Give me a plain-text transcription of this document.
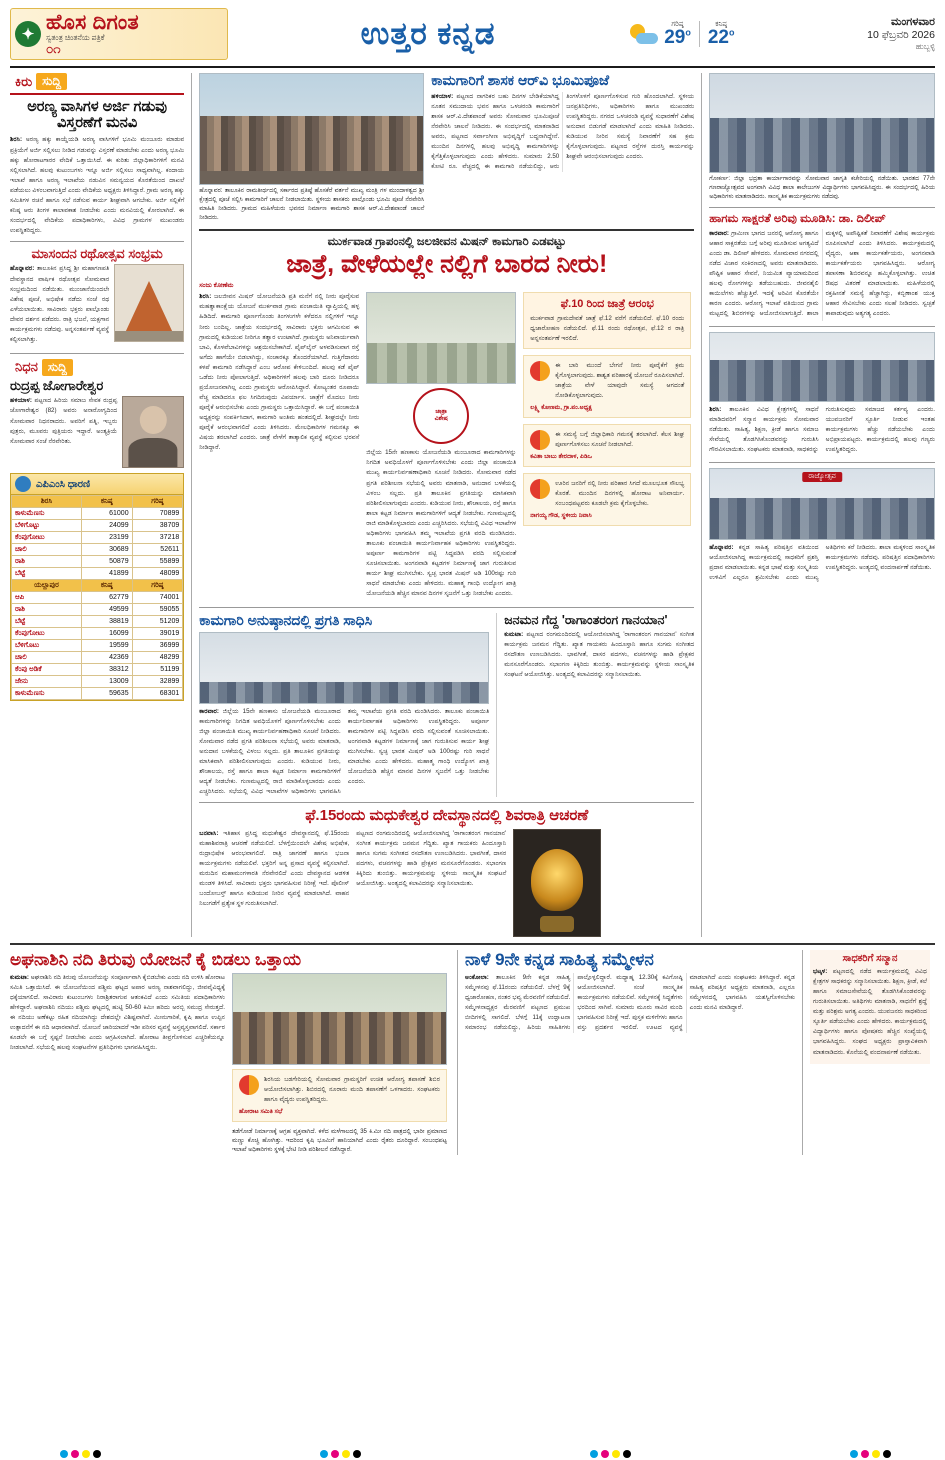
✦
ಹೊಸ ದಿಗಂತ
ಸ್ವತಂತ್ರ ಚಿಂತನೆಯ ಪತ್ರಿಕೆ
೦೧	ಉತ್ತರ ಕನ್ನಡ	ಗರಿಷ್ಠ
29$^o$
ಕನಿಷ್ಠ
22$^o$
ಮಂಗಳವಾರ
10 ಫೆಬ್ರವರಿ 2026
ಹುಬ್ಬಳ್ಳಿ
ಕಿರು ಸುದ್ದಿ
ಅರಣ್ಯ ವಾಸಿಗಳ ಅರ್ಜಿ ಗಡುವು ವಿಸ್ತರಣೆಗೆ ಮನವಿ

ಶಿರಸಿ: ಅರಣ್ಯ ಹಕ್ಕು ಕಾಯ್ದೆಯಡಿ ಅರಣ್ಯ ವಾಸಿಗಳಿಗೆ ಭೂಮಿ ಮಂಜೂರು ಮಾಡುವ ಪ್ರಕ್ರಿಯೆಗೆ ಅರ್ಜಿ ಸಲ್ಲಿಸಲು ನೀಡಿದ ಗಡುವನ್ನು ವಿಸ್ತರಣೆ ಮಾಡಬೇಕು ಎಂದು ಅರಣ್ಯ ಭೂಮಿ ಹಕ್ಕು ಹೋರಾಟಗಾರರ ವೇದಿಕೆ ಒತ್ತಾಯಿಸಿದೆ. ಈ ಕುರಿತು ಜಿಲ್ಲಾಧಿಕಾರಿಗಳಿಗೆ ಮನವಿ ಸಲ್ಲಿಸಲಾಗಿದೆ. ಹಲವು ಕುಟುಂಬಗಳು ಇನ್ನೂ ಅರ್ಜಿ ಸಲ್ಲಿಸಲು ಸಾಧ್ಯವಾಗಿಲ್ಲ. ಕಂದಾಯ ಇಲಾಖೆ ಹಾಗೂ ಅರಣ್ಯ ಇಲಾಖೆಯ ನಡುವಿನ ಸಮನ್ವಯದ ಕೊರತೆಯಿಂದ ದಾಖಲೆ ಪಡೆಯಲು ವಿಳಂಬವಾಗುತ್ತಿದೆ ಎಂದು ವೇದಿಕೆಯ ಅಧ್ಯಕ್ಷರು ತಿಳಿಸಿದ್ದಾರೆ. ಗ್ರಾಮ ಅರಣ್ಯ ಹಕ್ಕು ಸಮಿತಿಗಳ ರಚನೆ ಹಾಗೂ ಸಭೆ ನಡೆಸುವ ಕಾರ್ಯ ಶೀಘ್ರವಾಗಿ ಆಗಬೇಕು. ಅರ್ಜಿ ಸಲ್ಲಿಕೆಗೆ ಕನಿಷ್ಠ ಆರು ತಿಂಗಳ ಕಾಲಾವಕಾಶ ನೀಡಬೇಕು ಎಂದು ಮನವಿಯಲ್ಲಿ ಕೋರಲಾಗಿದೆ. ಈ ಸಂದರ್ಭದಲ್ಲಿ ವೇದಿಕೆಯ ಪದಾಧಿಕಾರಿಗಳು, ವಿವಿಧ ಗ್ರಾಮಗಳ ಮುಖಂಡರು ಉಪಸ್ಥಿತರಿದ್ದರು.

ಮಾಸಂದನ ರಥೋತ್ಸವ ಸಂಭ್ರಮ

ಹೊನ್ನಾವರ: ತಾಲೂಕಿನ ಪ್ರಸಿದ್ಧ ಶ್ರೀ ಮಹಾಗಣಪತಿ ದೇವಸ್ಥಾನದ ವಾರ್ಷಿಕ ರಥೋತ್ಸವ ಸೋಮವಾರ ಸಂಭ್ರಮದಿಂದ ನಡೆಯಿತು. ಮುಂಜಾನೆಯಿಂದಲೇ ವಿಶೇಷ ಪೂಜೆ, ಅಭಿಷೇಕ ನಡೆದು ಸಂಜೆ ರಥ ಎಳೆಯಲಾಯಿತು. ಸಾವಿರಾರು ಭಕ್ತರು ಪಾಲ್ಗೊಂಡು ದೇವರ ದರ್ಶನ ಪಡೆದರು. ರಾತ್ರಿ ಭಜನೆ, ಯಕ್ಷಗಾನ ಕಾರ್ಯಕ್ರಮಗಳು ನಡೆದವು. ಅನ್ನಸಂತರ್ಪಣೆ ವ್ಯವಸ್ಥೆ ಕಲ್ಪಿಸಲಾಗಿತ್ತು.

ನಿಧನ ಸುದ್ದಿ
ರುದ್ರಪ್ಪ ಜೋಗಾರೇಶ್ವರ

ಹಳಿಯಾಳ: ಪಟ್ಟಣದ ಹಿರಿಯ ಸಮಾಜ ಸೇವಕ ರುದ್ರಪ್ಪ ಜೋಗಾರೇಶ್ವರ (82) ಅವರು ಅನಾರೋಗ್ಯದಿಂದ ಸೋಮವಾರ ನಿಧನರಾದರು. ಅವರಿಗೆ ಪತ್ನಿ, ಇಬ್ಬರು ಪುತ್ರರು, ಮೂವರು ಪುತ್ರಿಯರು ಇದ್ದಾರೆ. ಅಂತ್ಯಕ್ರಿಯೆ ಸೋಮವಾರ ಸಂಜೆ ನೆರವೇರಿತು.

ಎಪಿಎಂಸಿ ಧಾರಣಿ
ಶಿರಸಿ	ಕನಿಷ್ಠ	ಗರಿಷ್ಠ
ಕಾಳುಮೆಣಸು	61000	70899
ಬೆಳಿಗೊಟ್ಟು	24099	38709
ಕೆಂಪುಗೋಟು	23199	37218
ಚಾಲಿ	30689	52611
ರಾಶಿ	50879	55899
ಬೆಟ್ಟೆ	41899	48099
ಯಲ್ಲಾಪುರ	ಕನಿಷ್ಠ	ಗರಿಷ್ಠ
ಆಪಿ	62779	74001
ರಾಶಿ	49599	59055
ಬೆಟ್ಟೆ	38819	51209
ಕೆಂಪುಗೋಟು	16099	39019
ಬೆಳಿಗೊಟು	19599	36999
ಚಾಲಿ	42369	48299
ಕೆಂಪು ಅಡಿಕೆ	38312	51199
ಜೇನು	13009	32899
ಕಾಳುಮೆಣಸು	59635	68301
ಹೊನ್ನಾವರ: ತಾಲೂಕಿನ ರಾಮತೀರ್ಥದಲ್ಲಿ ಸರ್ಕಾರದ ಪ್ರತಿಷ್ಠೆ ಹೊಸಕೆರೆ ವರ್ತನೆ ಮುಖ್ಯ ಮಂತ್ರಿ ಗಳ ಮುಂದಾಳತ್ವದ ಶ್ರೀ ಕ್ಷೇತ್ರದಲ್ಲಿ ಪೂಜೆ ಸಲ್ಲಿಸಿ ಕಾಮಗಾರಿಗೆ ಚಾಲನೆ ನೀಡಲಾಯಿತು. ಸ್ಥಳೀಯ ಶಾಸಕರು ಪಾಲ್ಗೊಂಡು ಭೂಮಿ ಪೂಜೆ ನೆರವೇರಿಸಿ ಮಾಹಿತಿ ನೀಡಿದರು. ಗ್ರಾಮದ ಮಹಿಳೆಯರು ಭವನದ ನಿರ್ಮಾಣ ಕಾಮಗಾರಿ ಶಾಸಕ ಆರ್.ವಿ.ದೇಶಪಾಂಡೆ ಚಾಲನೆ ನೀಡಿದರು.
ಕಾಮಗಾರಿಗೆ ಶಾಸಕ ಆರ್‌ವಿ ಭೂಮಿಪೂಜೆ

ಹಳಿಯಾಳ: ಪಟ್ಟಣದ ನಾಗರಿಕರ ಬಹು ದಿನಗಳ ಬೇಡಿಕೆಯಾಗಿದ್ದ ನೂತನ ಸಮುದಾಯ ಭವನ ಹಾಗೂ ಒಳಚರಂಡಿ ಕಾಮಗಾರಿಗೆ ಶಾಸಕ ಆರ್.ವಿ.ದೇಶಪಾಂಡೆ ಅವರು ಸೋಮವಾರ ಭೂಮಿಪೂಜೆ ನೆರವೇರಿಸಿ ಚಾಲನೆ ನೀಡಿದರು. ಈ ಸಂದರ್ಭದಲ್ಲಿ ಮಾತನಾಡಿದ ಅವರು, ಪಟ್ಟಣದ ಸರ್ವಾಂಗೀಣ ಅಭಿವೃದ್ಧಿಗೆ ಬದ್ಧನಾಗಿದ್ದೇನೆ. ಮುಂದಿನ ದಿನಗಳಲ್ಲಿ ಹಲವು ಅಭಿವೃದ್ಧಿ ಕಾಮಗಾರಿಗಳನ್ನು ಕೈಗೆತ್ತಿಕೊಳ್ಳಲಾಗುವುದು ಎಂದು ಹೇಳಿದರು. ಸುಮಾರು 2.50 ಕೋಟಿ ರೂ. ವೆಚ್ಚದಲ್ಲಿ ಈ ಕಾಮಗಾರಿ ನಡೆಯಲಿದ್ದು, ಆರು ತಿಂಗಳೊಳಗೆ ಪೂರ್ಣಗೊಳಿಸುವ ಗುರಿ ಹೊಂದಲಾಗಿದೆ. ಸ್ಥಳೀಯ ಜನಪ್ರತಿನಿಧಿಗಳು, ಅಧಿಕಾರಿಗಳು ಹಾಗೂ ಮುಖಂಡರು ಉಪಸ್ಥಿತರಿದ್ದರು. ನಗರದ ಒಳಚರಂಡಿ ವ್ಯವಸ್ಥೆ ಸುಧಾರಣೆಗೆ ವಿಶೇಷ ಅನುದಾನ ಬಿಡುಗಡೆ ಮಾಡಲಾಗಿದೆ ಎಂದು ಮಾಹಿತಿ ನೀಡಿದರು. ಕುಡಿಯುವ ನೀರಿನ ಸಮಸ್ಯೆ ನಿವಾರಣೆಗೆ ಸಹ ಕ್ರಮ ಕೈಗೊಳ್ಳಲಾಗುವುದು. ಪಟ್ಟಣದ ರಸ್ತೆಗಳ ದುರಸ್ತಿ ಕಾರ್ಯವನ್ನು ಶೀಘ್ರವೇ ಆರಂಭಿಸಲಾಗುವುದು ಎಂದರು.

ಮುರ್ಕವಾಡ ಗ್ರಾಪಂನಲ್ಲಿ ಜಲಜೀವನ ಮಿಷನ್ ಕಾಮಗಾರಿ ಎಡವಟ್ಟು
ಜಾತ್ರೆ, ವೇಳೆಯಲ್ಲೇ ನಲ್ಲಿಗೆ ಬಾರದ ನೀರು!
ಸಂಜು ಕೋಣೆಮ

ಶಿರಸಿ: ಜಲಜೀವನ ಮಿಷನ್ ಯೋಜನೆಯಡಿ ಪ್ರತಿ ಮನೆಗೆ ನಲ್ಲಿ ನೀರು ಪೂರೈಸುವ ಮಹತ್ವಾಕಾಂಕ್ಷೆಯ ಯೋಜನೆ ಮುರ್ಕವಾಡ ಗ್ರಾಮ ಪಂಚಾಯಿತಿ ವ್ಯಾಪ್ತಿಯಲ್ಲಿ ಹಳ್ಳ ಹಿಡಿದಿದೆ. ಕಾಮಗಾರಿ ಪೂರ್ಣಗೊಂಡು ತಿಂಗಳುಗಳೇ ಕಳೆದರೂ ನಲ್ಲಿಗಳಿಗೆ ಇನ್ನೂ ನೀರು ಬಂದಿಲ್ಲ. ಜಾತ್ರೆಯ ಸಂದರ್ಭದಲ್ಲಿ ಸಾವಿರಾರು ಭಕ್ತರು ಆಗಮಿಸುವ ಈ ಗ್ರಾಮದಲ್ಲಿ ಕುಡಿಯುವ ನೀರಿಗೂ ತತ್ವಾರ ಉಂಟಾಗಿದೆ. ಗ್ರಾಮಸ್ಥರು ಅನಿವಾರ್ಯವಾಗಿ ಬಾವಿ, ಕೊಳವೆಬಾವಿಗಳನ್ನು ಆಶ್ರಯಿಸಬೇಕಾಗಿದೆ. ಪೈಪ್‌ಲೈನ್ ಅಳವಡಿಸುವಾಗ ರಸ್ತೆ ಅಗೆದು ಹಾಗೆಯೇ ಬಿಡಲಾಗಿದ್ದು, ಸಂಚಾರಕ್ಕೂ ತೊಂದರೆಯಾಗಿದೆ. ಗುತ್ತಿಗೆದಾರರು ಕಳಪೆ ಕಾಮಗಾರಿ ನಡೆಸಿದ್ದಾರೆ ಎಂಬ ಆರೋಪ ಕೇಳಿಬಂದಿದೆ. ಹಲವು ಕಡೆ ಪೈಪ್ ಒಡೆದು ನೀರು ಪೋಲಾಗುತ್ತಿದೆ. ಅಧಿಕಾರಿಗಳಿಗೆ ಹಲವು ಬಾರಿ ದೂರು ನೀಡಿದರೂ ಪ್ರಯೋಜನವಾಗಿಲ್ಲ ಎಂದು ಗ್ರಾಮಸ್ಥರು ಆರೋಪಿಸಿದ್ದಾರೆ. ಕೋಟ್ಯಂತರ ರೂಪಾಯಿ ವೆಚ್ಚ ಮಾಡಿದರೂ ಫಲ ಸಿಗದಿರುವುದು ವಿಪರ್ಯಾಸ. ಜಾತ್ರೆಗೆ ಮೊದಲು ನೀರು ಪೂರೈಕೆ ಆರಂಭಿಸಬೇಕು ಎಂದು ಗ್ರಾಮಸ್ಥರು ಒತ್ತಾಯಿಸಿದ್ದಾರೆ. ಈ ಬಗ್ಗೆ ಪಂಚಾಯಿತಿ ಅಧ್ಯಕ್ಷರನ್ನು ಸಂಪರ್ಕಿಸಿದಾಗ, ಕಾಮಗಾರಿ ಅಂತಿಮ ಹಂತದಲ್ಲಿದೆ. ಶೀಘ್ರದಲ್ಲೇ ನೀರು ಪೂರೈಕೆ ಆರಂಭವಾಗಲಿದೆ ಎಂದು ತಿಳಿಸಿದರು. ಮೇಲಧಿಕಾರಿಗಳ ಗಮನಕ್ಕೂ ಈ ವಿಷಯ ತರಲಾಗಿದೆ ಎಂದರು. ಜಾತ್ರೆ ವೇಳೆಗೆ ತಾತ್ಕಾಲಿಕ ವ್ಯವಸ್ಥೆ ಕಲ್ಪಿಸುವ ಭರವಸೆ ನೀಡಿದ್ದಾರೆ.

ಜಾತ್ರಾ
ವಿಶೇಷ

ಜಿಲ್ಲೆಯ 15ನೇ ಹಣಕಾಸು ಯೋಜನೆಯಡಿ ಮಂಜೂರಾದ ಕಾಮಗಾರಿಗಳನ್ನು ನಿಗದಿತ ಅವಧಿಯೊಳಗೆ ಪೂರ್ಣಗೊಳಿಸಬೇಕು ಎಂದು ಜಿಲ್ಲಾ ಪಂಚಾಯಿತಿ ಮುಖ್ಯ ಕಾರ್ಯನಿರ್ವಹಣಾಧಿಕಾರಿ ಸೂಚನೆ ನೀಡಿದರು. ಸೋಮವಾರ ನಡೆದ ಪ್ರಗತಿ ಪರಿಶೀಲನಾ ಸಭೆಯಲ್ಲಿ ಅವರು ಮಾತನಾಡಿ, ಅನುದಾನ ಬಳಕೆಯಲ್ಲಿ ವಿಳಂಬ ಸಲ್ಲದು. ಪ್ರತಿ ತಾಲೂಕಿನ ಪ್ರಗತಿಯನ್ನು ಮಾಸಿಕವಾಗಿ ಪರಿಶೀಲಿಸಲಾಗುವುದು ಎಂದರು. ಕುಡಿಯುವ ನೀರು, ಶೌಚಾಲಯ, ರಸ್ತೆ ಹಾಗೂ ಶಾಲಾ ಕಟ್ಟಡ ನಿರ್ಮಾಣ ಕಾಮಗಾರಿಗಳಿಗೆ ಆದ್ಯತೆ ನೀಡಬೇಕು. ಗುಣಮಟ್ಟದಲ್ಲಿ ರಾಜಿ ಮಾಡಿಕೊಳ್ಳಬಾರದು ಎಂದು ಎಚ್ಚರಿಸಿದರು. ಸಭೆಯಲ್ಲಿ ವಿವಿಧ ಇಲಾಖೆಗಳ ಅಧಿಕಾರಿಗಳು ಭಾಗವಹಿಸಿ ತಮ್ಮ ಇಲಾಖೆಯ ಪ್ರಗತಿ ವರದಿ ಮಂಡಿಸಿದರು. ತಾಲೂಕು ಪಂಚಾಯಿತಿ ಕಾರ್ಯನಿರ್ವಾಹಕ ಅಧಿಕಾರಿಗಳು ಉಪಸ್ಥಿತರಿದ್ದರು. ಅಪೂರ್ಣ ಕಾಮಗಾರಿಗಳ ಪಟ್ಟಿ ಸಿದ್ಧಪಡಿಸಿ ವರದಿ ಸಲ್ಲಿಸುವಂತೆ ಸೂಚಿಸಲಾಯಿತು. ಅಂಗನವಾಡಿ ಕಟ್ಟಡಗಳ ನಿರ್ಮಾಣಕ್ಕೆ ಜಾಗ ಗುರುತಿಸುವ ಕಾರ್ಯ ಶೀಘ್ರ ಮುಗಿಸಬೇಕು. ಸ್ವಚ್ಛ ಭಾರತ ಮಿಷನ್ ಅಡಿ 100ರಷ್ಟು ಗುರಿ ಸಾಧನೆ ಮಾಡಬೇಕು ಎಂದು ಹೇಳಿದರು. ಮಹಾತ್ಮ ಗಾಂಧಿ ಉದ್ಯೋಗ ಖಾತ್ರಿ ಯೋಜನೆಯಡಿ ಹೆಚ್ಚಿನ ಮಾನವ ದಿನಗಳ ಸೃಜನೆಗೆ ಒತ್ತು ನೀಡಬೇಕು ಎಂದರು.

ಫೆ.10 ರಿಂದ ಜಾತ್ರೆ ಆರಂಭ
ಮುರ್ಕವಾಡ ಗ್ರಾಮದೇವತೆ ಜಾತ್ರೆ ಫೆ.12 ವರೆಗೆ ನಡೆಯಲಿದೆ. ಫೆ.10 ರಂದು ಧ್ವಜಾರೋಹಣ ನಡೆಯಲಿದೆ. ಫೆ.11 ರಂದು ರಥೋತ್ಸವ, ಫೆ.12 ರ ರಾತ್ರಿ ಅನ್ನಸಂತರ್ಪಣೆ ಇರಲಿದೆ.
ಈ ಬಾರಿ ಮುಂದೆ ಬೇಗನೆ ನೀರು ಪೂರೈಕೆಗೆ ಕ್ರಮ ಕೈಗೊಳ್ಳಲಾಗುವುದು. ಶಾಶ್ವತ ಪರಿಹಾರಕ್ಕೆ ಯೋಜನೆ ರೂಪಿಸಲಾಗಿದೆ. ಜಾತ್ರೆಯ ವೇಳೆ ಯಾವುದೇ ಸಮಸ್ಯೆ ಆಗದಂತೆ ನೋಡಿಕೊಳ್ಳಲಾಗುವುದು.
ಲಕ್ಷ್ಮಿ ಕೋಣಮ, ಗ್ರಾ.ಪಂ.ಅಧ್ಯಕ್ಷ
ಈ ಸಮಸ್ಯೆ ಬಗ್ಗೆ ಜಿಲ್ಲಾಧಿಕಾರಿ ಗಮನಕ್ಕೆ ತರಲಾಗಿದೆ. ಕೆಲಸ ಶೀಘ್ರ ಪೂರ್ಣಗೊಳಿಸಲು ಸೂಚನೆ ನೀಡಲಾಗಿದೆ.
ಕವಿತಾ ಬಾಬು ತೇರದಾಳ, ಪಿಡಿಒ
ಊರಿನ ಜನರಿಗೆ ನಲ್ಲಿ ನೀರು ಪರಿಹಾರ ಸಿಗದೆ ಮೂಲಭೂತ ಸೌಲಭ್ಯ ಕೊರತೆ. ಮುಂದಿನ ದಿನಗಳಲ್ಲಿ ಹೋರಾಟ ಅನಿವಾರ್ಯ. ಸಂಬಂಧಪಟ್ಟವರು ಕೂಡಲೇ ಕ್ರಮ ಕೈಗೊಳ್ಳಬೇಕು.
ನಾಗಯ್ಯ ಗೌಡ, ಸ್ಥಳೀಯ ನಿವಾಸಿ
ಕಾಮಗಾರಿ ಅನುಷ್ಠಾನದಲ್ಲಿ ಪ್ರಗತಿ ಸಾಧಿಸಿ

ಕಾರವಾರ: ಜಿಲ್ಲೆಯ 15ನೇ ಹಣಕಾಸು ಯೋಜನೆಯಡಿ ಮಂಜೂರಾದ ಕಾಮಗಾರಿಗಳನ್ನು ನಿಗದಿತ ಅವಧಿಯೊಳಗೆ ಪೂರ್ಣಗೊಳಿಸಬೇಕು ಎಂದು ಜಿಲ್ಲಾ ಪಂಚಾಯಿತಿ ಮುಖ್ಯ ಕಾರ್ಯನಿರ್ವಹಣಾಧಿಕಾರಿ ಸೂಚನೆ ನೀಡಿದರು. ಸೋಮವಾರ ನಡೆದ ಪ್ರಗತಿ ಪರಿಶೀಲನಾ ಸಭೆಯಲ್ಲಿ ಅವರು ಮಾತನಾಡಿ, ಅನುದಾನ ಬಳಕೆಯಲ್ಲಿ ವಿಳಂಬ ಸಲ್ಲದು. ಪ್ರತಿ ತಾಲೂಕಿನ ಪ್ರಗತಿಯನ್ನು ಮಾಸಿಕವಾಗಿ ಪರಿಶೀಲಿಸಲಾಗುವುದು ಎಂದರು. ಕುಡಿಯುವ ನೀರು, ಶೌಚಾಲಯ, ರಸ್ತೆ ಹಾಗೂ ಶಾಲಾ ಕಟ್ಟಡ ನಿರ್ಮಾಣ ಕಾಮಗಾರಿಗಳಿಗೆ ಆದ್ಯತೆ ನೀಡಬೇಕು. ಗುಣಮಟ್ಟದಲ್ಲಿ ರಾಜಿ ಮಾಡಿಕೊಳ್ಳಬಾರದು ಎಂದು ಎಚ್ಚರಿಸಿದರು. ಸಭೆಯಲ್ಲಿ ವಿವಿಧ ಇಲಾಖೆಗಳ ಅಧಿಕಾರಿಗಳು ಭಾಗವಹಿಸಿ ತಮ್ಮ ಇಲಾಖೆಯ ಪ್ರಗತಿ ವರದಿ ಮಂಡಿಸಿದರು. ತಾಲೂಕು ಪಂಚಾಯಿತಿ ಕಾರ್ಯನಿರ್ವಾಹಕ ಅಧಿಕಾರಿಗಳು ಉಪಸ್ಥಿತರಿದ್ದರು. ಅಪೂರ್ಣ ಕಾಮಗಾರಿಗಳ ಪಟ್ಟಿ ಸಿದ್ಧಪಡಿಸಿ ವರದಿ ಸಲ್ಲಿಸುವಂತೆ ಸೂಚಿಸಲಾಯಿತು. ಅಂಗನವಾಡಿ ಕಟ್ಟಡಗಳ ನಿರ್ಮಾಣಕ್ಕೆ ಜಾಗ ಗುರುತಿಸುವ ಕಾರ್ಯ ಶೀಘ್ರ ಮುಗಿಸಬೇಕು. ಸ್ವಚ್ಛ ಭಾರತ ಮಿಷನ್ ಅಡಿ 100ರಷ್ಟು ಗುರಿ ಸಾಧನೆ ಮಾಡಬೇಕು ಎಂದು ಹೇಳಿದರು. ಮಹಾತ್ಮ ಗಾಂಧಿ ಉದ್ಯೋಗ ಖಾತ್ರಿ ಯೋಜನೆಯಡಿ ಹೆಚ್ಚಿನ ಮಾನವ ದಿನಗಳ ಸೃಜನೆಗೆ ಒತ್ತು ನೀಡಬೇಕು ಎಂದರು.

ಜನಮನ ಗೆದ್ದ 'ರಾಗಾಂತರಂಗ ಗಾನಯಾನ'

ಕುಮಟಾ: ಪಟ್ಟಣದ ರಂಗಮಂದಿರದಲ್ಲಿ ಆಯೋಜಿಸಲಾಗಿದ್ದ 'ರಾಗಾಂತರಂಗ ಗಾನಯಾನ' ಸಂಗೀತ ಕಾರ್ಯಕ್ರಮ ಜನಮನ ಗೆದ್ದಿತು. ಖ್ಯಾತ ಗಾಯಕರು ಹಿಂದೂಸ್ತಾನಿ ಹಾಗೂ ಸುಗಮ ಸಂಗೀತದ ರಸದೌತಣ ಉಣಬಡಿಸಿದರು. ಭಾವಗೀತೆ, ದಾಸರ ಪದಗಳು, ವಚನಗಳನ್ನು ಹಾಡಿ ಪ್ರೇಕ್ಷಕರ ಮನಸೂರೆಗೊಂಡರು. ಸಭಾಂಗಣ ಕಿಕ್ಕಿರಿದು ತುಂಬಿತ್ತು. ಕಾರ್ಯಕ್ರಮವನ್ನು ಸ್ಥಳೀಯ ಸಾಂಸ್ಕೃತಿಕ ಸಂಘಟನೆ ಆಯೋಜಿಸಿತ್ತು. ಅಂತ್ಯದಲ್ಲಿ ಕಲಾವಿದರನ್ನು ಸನ್ಮಾನಿಸಲಾಯಿತು.

ಫೆ.15ರಂದು ಮಧುಕೇಶ್ವರ ದೇವಸ್ಥಾನದಲ್ಲಿ ಶಿವರಾತ್ರಿ ಆಚರಣೆ

ಬನವಾಸಿ: ಇತಿಹಾಸ ಪ್ರಸಿದ್ಧ ಮಧುಕೇಶ್ವರ ದೇವಸ್ಥಾನದಲ್ಲಿ ಫೆ.15ರಂದು ಮಹಾಶಿವರಾತ್ರಿ ಆಚರಣೆ ನಡೆಯಲಿದೆ. ಬೆಳಗ್ಗೆಯಿಂದಲೇ ವಿಶೇಷ ಅಭಿಷೇಕ, ರುದ್ರಾಭಿಷೇಕ ಆರಂಭವಾಗಲಿದೆ. ರಾತ್ರಿ ಜಾಗರಣೆ ಹಾಗೂ ಭಜನಾ ಕಾರ್ಯಕ್ರಮಗಳು ನಡೆಯಲಿವೆ. ಭಕ್ತರಿಗೆ ಅನ್ನ ಪ್ರಸಾದ ವ್ಯವಸ್ಥೆ ಕಲ್ಪಿಸಲಾಗಿದೆ. ಮರುದಿನ ಮಹಾಮಂಗಳಾರತಿ ನೆರವೇರಲಿದೆ ಎಂದು ದೇವಸ್ಥಾನದ ಆಡಳಿತ ಮಂಡಳಿ ತಿಳಿಸಿದೆ. ಸಾವಿರಾರು ಭಕ್ತರು ಭಾಗವಹಿಸುವ ನಿರೀಕ್ಷೆ ಇದೆ. ಪೊಲೀಸ್ ಬಂದೋಬಸ್ತ್ ಹಾಗೂ ಕುಡಿಯುವ ನೀರಿನ ವ್ಯವಸ್ಥೆ ಮಾಡಲಾಗಿದೆ. ವಾಹನ ನಿಲುಗಡೆಗೆ ಪ್ರತ್ಯೇಕ ಸ್ಥಳ ಗುರುತಿಸಲಾಗಿದೆ.

ಪಟ್ಟಣದ ರಂಗಮಂದಿರದಲ್ಲಿ ಆಯೋಜಿಸಲಾಗಿದ್ದ 'ರಾಗಾಂತರಂಗ ಗಾನಯಾನ' ಸಂಗೀತ ಕಾರ್ಯಕ್ರಮ ಜನಮನ ಗೆದ್ದಿತು. ಖ್ಯಾತ ಗಾಯಕರು ಹಿಂದೂಸ್ತಾನಿ ಹಾಗೂ ಸುಗಮ ಸಂಗೀತದ ರಸದೌತಣ ಉಣಬಡಿಸಿದರು. ಭಾವಗೀತೆ, ದಾಸರ ಪದಗಳು, ವಚನಗಳನ್ನು ಹಾಡಿ ಪ್ರೇಕ್ಷಕರ ಮನಸೂರೆಗೊಂಡರು. ಸಭಾಂಗಣ ಕಿಕ್ಕಿರಿದು ತುಂಬಿತ್ತು. ಕಾರ್ಯಕ್ರಮವನ್ನು ಸ್ಥಳೀಯ ಸಾಂಸ್ಕೃತಿಕ ಸಂಘಟನೆ ಆಯೋಜಿಸಿತ್ತು. ಅಂತ್ಯದಲ್ಲಿ ಕಲಾವಿದರನ್ನು ಸನ್ಮಾನಿಸಲಾಯಿತು.

ಗೋಕರ್ಣ: ಜಿಲ್ಲಾ ಭದ್ರತಾ ಕಾರ್ಯಾಗಾರವನ್ನು ಸೋಮವಾರ ಜಾಗೃತಿ ಕಚೇರಿಯಲ್ಲಿ ನಡೆಯಿತು. ಭಾರತದ 77ನೇ ಗಣರಾಜ್ಯೋತ್ಸವದ ಅಂಗವಾಗಿ ವಿವಿಧ ಶಾಲಾ ಕಾಲೇಜುಗಳ ವಿದ್ಯಾರ್ಥಿಗಳು ಭಾಗವಹಿಸಿದ್ದರು. ಈ ಸಂದರ್ಭದಲ್ಲಿ ಹಿರಿಯ ಅಧಿಕಾರಿಗಳು ಮಾತನಾಡಿದರು. ಸಾಂಸ್ಕೃತಿಕ ಕಾರ್ಯಕ್ರಮಗಳು ನಡೆದವು.
ಹಾಗಮ ಸಾಕ್ಷರತೆ ಅರಿವು ಮೂಡಿಸಿ: ಡಾ. ದಿಲೀಪ್

ಕಾರವಾರ: ಗ್ರಾಮೀಣ ಭಾಗದ ಜನರಲ್ಲಿ ಆರೋಗ್ಯ ಹಾಗೂ ಆಹಾರ ಸಾಕ್ಷರತೆಯ ಬಗ್ಗೆ ಅರಿವು ಮೂಡಿಸುವ ಅಗತ್ಯವಿದೆ ಎಂದು ಡಾ. ದಿಲೀಪ್ ಹೇಳಿದರು. ಸೋಮವಾರ ನಗರದಲ್ಲಿ ನಡೆದ ವಿಚಾರ ಸಂಕಿರಣದಲ್ಲಿ ಅವರು ಮಾತನಾಡಿದರು. ಪೌಷ್ಟಿಕ ಆಹಾರ ಸೇವನೆ, ನಿಯಮಿತ ವ್ಯಾಯಾಮದಿಂದ ಹಲವು ರೋಗಗಳನ್ನು ತಡೆಯಬಹುದು. ಜೀವನಶೈಲಿ ಕಾಯಿಲೆಗಳು ಹೆಚ್ಚುತ್ತಿವೆ. ಇದಕ್ಕೆ ಅರಿವಿನ ಕೊರತೆಯೇ ಕಾರಣ ಎಂದರು. ಆರೋಗ್ಯ ಇಲಾಖೆ ವತಿಯಿಂದ ಗ್ರಾಮ ಮಟ್ಟದಲ್ಲಿ ಶಿಬಿರಗಳನ್ನು ಆಯೋಜಿಸಲಾಗುತ್ತಿದೆ. ಶಾಲಾ ಮಕ್ಕಳಲ್ಲಿ ಅಪೌಷ್ಟಿಕತೆ ನಿವಾರಣೆಗೆ ವಿಶೇಷ ಕಾರ್ಯಕ್ರಮ ರೂಪಿಸಲಾಗಿದೆ ಎಂದು ತಿಳಿಸಿದರು. ಕಾರ್ಯಕ್ರಮದಲ್ಲಿ ವೈದ್ಯರು, ಆಶಾ ಕಾರ್ಯಕರ್ತೆಯರು, ಅಂಗನವಾಡಿ ಕಾರ್ಯಕರ್ತೆಯರು ಭಾಗವಹಿಸಿದ್ದರು. ಆರೋಗ್ಯ ತಪಾಸಣಾ ಶಿಬಿರವನ್ನೂ ಹಮ್ಮಿಕೊಳ್ಳಲಾಗಿತ್ತು. ಉಚಿತ ಔಷಧ ವಿತರಣೆ ಮಾಡಲಾಯಿತು. ಮಹಿಳೆಯರಲ್ಲಿ ರಕ್ತಹೀನತೆ ಸಮಸ್ಯೆ ಹೆಚ್ಚಾಗಿದ್ದು, ಕಬ್ಬಿಣಾಂಶ ಯುಕ್ತ ಆಹಾರ ಸೇವಿಸಬೇಕು ಎಂದು ಸಲಹೆ ನೀಡಿದರು. ಸ್ವಚ್ಛತೆ ಕಾಪಾಡುವುದು ಅತ್ಯಗತ್ಯ ಎಂದರು.

ಶಿರಸಿ: ತಾಲೂಕಿನ ವಿವಿಧ ಕ್ಷೇತ್ರಗಳಲ್ಲಿ ಸಾಧನೆ ಮಾಡಿದವರಿಗೆ ಸನ್ಮಾನ ಕಾರ್ಯಕ್ರಮ ಸೋಮವಾರ ನಡೆಯಿತು. ಸಾಹಿತ್ಯ, ಶಿಕ್ಷಣ, ಕ್ರೀಡೆ ಹಾಗೂ ಸಮಾಜ ಸೇವೆಯಲ್ಲಿ ತೊಡಗಿಸಿಕೊಂಡವರನ್ನು ಗುರುತಿಸಿ ಗೌರವಿಸಲಾಯಿತು. ಸಂಘಟಕರು ಮಾತನಾಡಿ, ಸಾಧಕರನ್ನು ಗುರುತಿಸುವುದು ಸಮಾಜದ ಕರ್ತವ್ಯ ಎಂದರು. ಯುವಜನರಿಗೆ ಸ್ಫೂರ್ತಿ ನೀಡುವ ಇಂತಹ ಕಾರ್ಯಕ್ರಮಗಳು ಹೆಚ್ಚು ನಡೆಯಬೇಕು ಎಂದು ಅಭಿಪ್ರಾಯಪಟ್ಟರು. ಕಾರ್ಯಕ್ರಮದಲ್ಲಿ ಹಲವು ಗಣ್ಯರು ಉಪಸ್ಥಿತರಿದ್ದರು.

ರಾಜ್ಯೋತ್ಸವ

ಹೊನ್ನಾವರ: ಕನ್ನಡ ಸಾಹಿತ್ಯ ಪರಿಷತ್ತಿನ ವತಿಯಿಂದ ಆಯೋಜಿಸಲಾಗಿದ್ದ ಕಾರ್ಯಕ್ರಮದಲ್ಲಿ ಸಾಧಕರಿಗೆ ಪ್ರಶಸ್ತಿ ಪ್ರದಾನ ಮಾಡಲಾಯಿತು. ಕನ್ನಡ ಭಾಷೆ ಮತ್ತು ಸಂಸ್ಕೃತಿಯ ಉಳಿವಿಗೆ ಎಲ್ಲರೂ ಶ್ರಮಿಸಬೇಕು ಎಂದು ಮುಖ್ಯ ಅತಿಥಿಗಳು ಕರೆ ನೀಡಿದರು. ಶಾಲಾ ಮಕ್ಕಳಿಂದ ಸಾಂಸ್ಕೃತಿಕ ಕಾರ್ಯಕ್ರಮಗಳು ನಡೆದವು. ಪರಿಷತ್ತಿನ ಪದಾಧಿಕಾರಿಗಳು ಉಪಸ್ಥಿತರಿದ್ದರು. ಅಂತ್ಯದಲ್ಲಿ ವಂದನಾರ್ಪಣೆ ನಡೆಯಿತು.

ಅಘನಾಶಿನಿ ನದಿ ತಿರುವು ಯೋಜನೆ ಕೈ ಬಿಡಲು ಒತ್ತಾಯ

ಕುಮಟಾ: ಅಘನಾಶಿನಿ ನದಿ ತಿರುವು ಯೋಜನೆಯನ್ನು ಸಂಪೂರ್ಣವಾಗಿ ಕೈಬಿಡಬೇಕು ಎಂದು ನದಿ ಉಳಿಸಿ ಹೋರಾಟ ಸಮಿತಿ ಒತ್ತಾಯಿಸಿದೆ. ಈ ಯೋಜನೆಯಿಂದ ಪಶ್ಚಿಮ ಘಟ್ಟದ ಅಪಾರ ಅರಣ್ಯ ನಾಶವಾಗಲಿದ್ದು, ಜೀವವೈವಿಧ್ಯಕ್ಕೆ ಧಕ್ಕೆಯಾಗಲಿದೆ. ಸಾವಿರಾರು ಕುಟುಂಬಗಳು ನಿರಾಶ್ರಿತರಾಗುವ ಆತಂಕವಿದೆ ಎಂದು ಸಮಿತಿಯ ಪದಾಧಿಕಾರಿಗಳು ಹೇಳಿದ್ದಾರೆ. ಅಘನಾಶಿನಿ ನದಿಯು ಪಶ್ಚಿಮ ಘಟ್ಟದಲ್ಲಿ ಹುಟ್ಟಿ 50-60 ಕಿಮೀ ಹರಿದು ಅರಬ್ಬಿ ಸಮುದ್ರ ಸೇರುತ್ತದೆ. ಈ ನದಿಯು ಅಣೆಕಟ್ಟು ರಹಿತ ನದಿಯಾಗಿದ್ದು ದೇಶದಲ್ಲೇ ವಿಶಿಷ್ಟವಾಗಿದೆ. ಮೀನುಗಾರಿಕೆ, ಕೃಷಿ ಹಾಗೂ ಉಪ್ಪಿನ ಉತ್ಪಾದನೆಗೆ ಈ ನದಿ ಆಧಾರವಾಗಿದೆ. ಯೋಜನೆ ಜಾರಿಯಾದರೆ ಇಡೀ ಪರಿಸರ ವ್ಯವಸ್ಥೆ ಅಸ್ತವ್ಯಸ್ತವಾಗಲಿದೆ. ಸರ್ಕಾರ ಕೂಡಲೇ ಈ ಬಗ್ಗೆ ಸ್ಪಷ್ಟನೆ ನೀಡಬೇಕು ಎಂದು ಆಗ್ರಹಿಸಲಾಗಿದೆ. ಹೋರಾಟ ತೀವ್ರಗೊಳಿಸುವ ಎಚ್ಚರಿಕೆಯನ್ನೂ ನೀಡಲಾಗಿದೆ. ಸಭೆಯಲ್ಲಿ ಹಲವು ಸಂಘಟನೆಗಳ ಪ್ರತಿನಿಧಿಗಳು ಭಾಗವಹಿಸಿದ್ದರು.

ಶಿರಸಿಯ ಬಡಗೇರಿಯಲ್ಲಿ ಸೋಮವಾರ ಗ್ರಾಮಸ್ಥರಿಗೆ ಉಚಿತ ಆರೋಗ್ಯ ತಪಾಸಣೆ ಶಿಬಿರ ಆಯೋಜಿಸಲಾಗಿತ್ತು. ಶಿಬಿರದಲ್ಲಿ ನೂರಾರು ಮಂದಿ ತಪಾಸಣೆಗೆ ಒಳಗಾದರು. ಸಂಘಟಕರು ಹಾಗೂ ವೈದ್ಯರು ಉಪಸ್ಥಿತರಿದ್ದರು.
ಹೋರಾಟ ಸಮಿತಿ ಸಭೆ
ತಡೆಗೋಡೆ ನಿರ್ಮಾಣಕ್ಕೆ ಆಗ್ರಹ ವ್ಯಕ್ತವಾಗಿದೆ. ಕಳೆದ ಮಳೆಗಾಲದಲ್ಲಿ 35 ಕಿ.ಮೀ ನದಿ ಪಾತ್ರದಲ್ಲಿ ಭಾರೀ ಪ್ರಮಾಣದ ಮಣ್ಣು ಕೊಚ್ಚಿ ಹೋಗಿತ್ತು. ಇದರಿಂದ ಕೃಷಿ ಭೂಮಿಗೆ ಹಾನಿಯಾಗಿದೆ ಎಂದು ರೈತರು ದೂರಿದ್ದಾರೆ. ಸಂಬಂಧಪಟ್ಟ ಇಲಾಖೆ ಅಧಿಕಾರಿಗಳು ಸ್ಥಳಕ್ಕೆ ಭೇಟಿ ನೀಡಿ ಪರಿಶೀಲನೆ ನಡೆಸಿದ್ದಾರೆ.
ನಾಳೆ 9ನೇ ಕನ್ನಡ ಸಾಹಿತ್ಯ ಸಮ್ಮೇಳನ

ಅಂಕೋಲಾ: ತಾಲೂಕಿನ 9ನೇ ಕನ್ನಡ ಸಾಹಿತ್ಯ ಸಮ್ಮೇಳನವು ಫೆ.11ರಂದು ನಡೆಯಲಿದೆ. ಬೆಳಗ್ಗೆ 9ಕ್ಕೆ ಧ್ವಜಾರೋಹಣ, ನಂತರ ಭವ್ಯ ಮೆರವಣಿಗೆ ನಡೆಯಲಿದೆ. ಸಮ್ಮೇಳನಾಧ್ಯಕ್ಷರ ಮೆರವಣಿಗೆ ಪಟ್ಟಣದ ಪ್ರಮುಖ ಬೀದಿಗಳಲ್ಲಿ ಸಾಗಲಿದೆ. ಬೆಳಗ್ಗೆ 11ಕ್ಕೆ ಉದ್ಘಾಟನಾ ಸಮಾರಂಭ ನಡೆಯಲಿದ್ದು, ಹಿರಿಯ ಸಾಹಿತಿಗಳು ಪಾಲ್ಗೊಳ್ಳಲಿದ್ದಾರೆ. ಮಧ್ಯಾಹ್ನ 12.30ಕ್ಕೆ ಕವಿಗೋಷ್ಠಿ ಆಯೋಜಿಸಲಾಗಿದೆ. ಸಂಜೆ ಸಾಂಸ್ಕೃತಿಕ ಕಾರ್ಯಕ್ರಮಗಳು ನಡೆಯಲಿವೆ. ಸಮ್ಮೇಳನಕ್ಕೆ ಸಿದ್ಧತೆಗಳು ಭರದಿಂದ ಸಾಗಿವೆ. ಸುಮಾರು ಮೂರು ಸಾವಿರ ಮಂದಿ ಭಾಗವಹಿಸುವ ನಿರೀಕ್ಷೆ ಇದೆ. ಪುಸ್ತಕ ಮಳಿಗೆಗಳು ಹಾಗೂ ವಸ್ತು ಪ್ರದರ್ಶನ ಇರಲಿದೆ. ಊಟದ ವ್ಯವಸ್ಥೆ ಮಾಡಲಾಗಿದೆ ಎಂದು ಸಂಘಟಕರು ತಿಳಿಸಿದ್ದಾರೆ. ಕನ್ನಡ ಸಾಹಿತ್ಯ ಪರಿಷತ್ತಿನ ಅಧ್ಯಕ್ಷರು ಮಾತನಾಡಿ, ಎಲ್ಲರೂ ಸಮ್ಮೇಳನದಲ್ಲಿ ಭಾಗವಹಿಸಿ ಯಶಸ್ವಿಗೊಳಿಸಬೇಕು ಎಂದು ಮನವಿ ಮಾಡಿದ್ದಾರೆ.

ಸಾಧಕರಿಗೆ ಸನ್ಮಾನ

ಭಟ್ಕಳ: ಪಟ್ಟಣದಲ್ಲಿ ನಡೆದ ಕಾರ್ಯಕ್ರಮದಲ್ಲಿ ವಿವಿಧ ಕ್ಷೇತ್ರಗಳ ಸಾಧಕರನ್ನು ಸನ್ಮಾನಿಸಲಾಯಿತು. ಶಿಕ್ಷಣ, ಕ್ರೀಡೆ, ಕಲೆ ಹಾಗೂ ಸಮಾಜಸೇವೆಯಲ್ಲಿ ತೊಡಗಿಸಿಕೊಂಡವರನ್ನು ಗುರುತಿಸಲಾಯಿತು. ಅತಿಥಿಗಳು ಮಾತನಾಡಿ, ಸಾಧನೆಗೆ ಶ್ರದ್ಧೆ ಮತ್ತು ಪರಿಶ್ರಮ ಅಗತ್ಯ ಎಂದರು. ಯುವಜನರು ಸಾಧಕರಿಂದ ಸ್ಫೂರ್ತಿ ಪಡೆಯಬೇಕು ಎಂದು ಹೇಳಿದರು. ಕಾರ್ಯಕ್ರಮದಲ್ಲಿ ವಿದ್ಯಾರ್ಥಿಗಳು ಹಾಗೂ ಪೋಷಕರು ಹೆಚ್ಚಿನ ಸಂಖ್ಯೆಯಲ್ಲಿ ಭಾಗವಹಿಸಿದ್ದರು. ಸಂಘದ ಅಧ್ಯಕ್ಷರು ಪ್ರಾಸ್ತಾವಿಕವಾಗಿ ಮಾತನಾಡಿದರು. ಕೊನೆಯಲ್ಲಿ ವಂದನಾರ್ಪಣೆ ನಡೆಯಿತು.
